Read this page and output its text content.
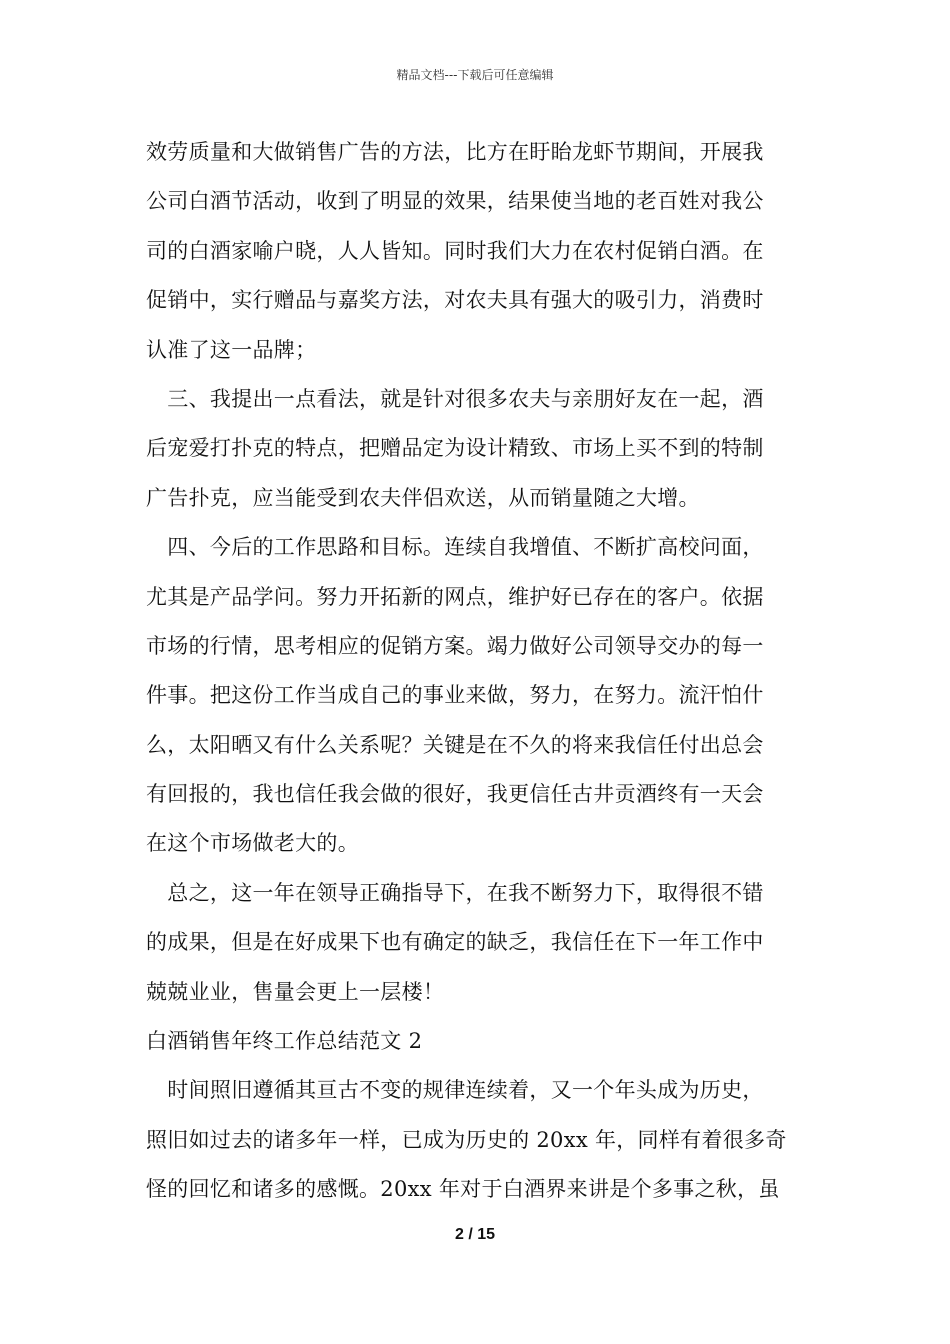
精品文档---下载后可任意编辑
效劳质量和大做销售广告的方法，比方在盱眙龙虾节期间，开展我
公司白酒节活动，收到了明显的效果，结果使当地的老百姓对我公
司的白酒家喻户晓，人人皆知。同时我们大力在农村促销白酒。在
促销中，实行赠品与嘉奖方法，对农夫具有强大的吸引力，消费时
认准了这一品牌；
　三、我提出一点看法，就是针对很多农夫与亲朋好友在一起，酒
后宠爱打扑克的特点，把赠品定为设计精致、市场上买不到的特制
广告扑克，应当能受到农夫伴侣欢送，从而销量随之大增。
　四、今后的工作思路和目标。连续自我增值、不断扩高校问面，
尤其是产品学问。努力开拓新的网点，维护好已存在的客户。依据
市场的行情，思考相应的促销方案。竭力做好公司领导交办的每一
件事。把这份工作当成自己的事业来做，努力，在努力。流汗怕什
么，太阳晒又有什么关系呢？关键是在不久的将来我信任付出总会
有回报的，我也信任我会做的很好，我更信任古井贡酒终有一天会
在这个市场做老大的。
　总之，这一年在领导正确指导下，在我不断努力下，取得很不错
的成果，但是在好成果下也有确定的缺乏，我信任在下一年工作中
兢兢业业，售量会更上一层楼！
白酒销售年终工作总结范文 2
　时间照旧遵循其亘古不变的规律连续着，又一个年头成为历史，
照旧如过去的诸多年一样，已成为历史的 20xx 年，同样有着很多奇
怪的回忆和诸多的感慨。20xx 年对于白酒界来讲是个多事之秋，虽
2 / 15
